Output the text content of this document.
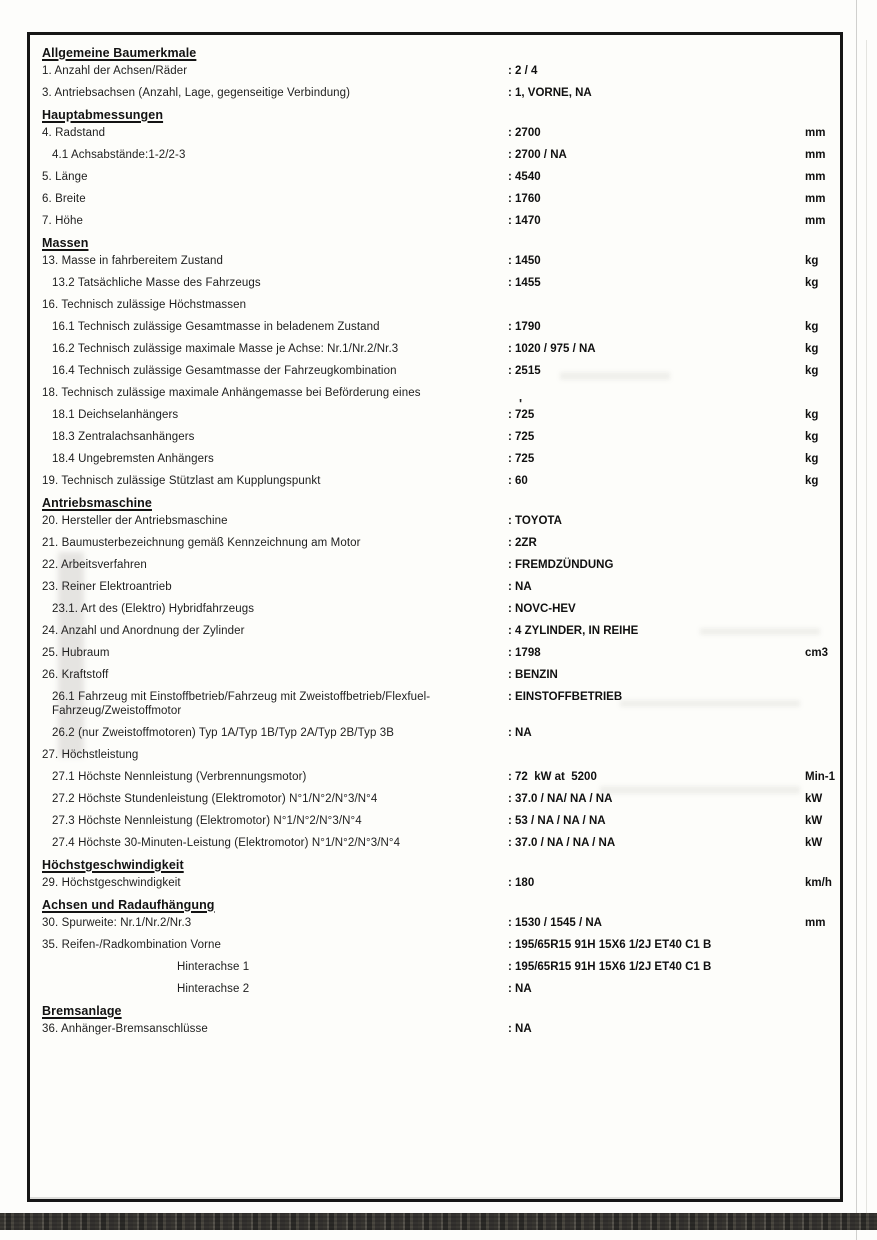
Allgemeine Baumerkmale
1. Anzahl der Achsen/Räder	: 2 / 4
3. Antriebsachsen (Anzahl, Lage, gegenseitige Verbindung)	: 1, VORNE, NA
Hauptabmessungen
4. Radstand	: 2700	mm
4.1 Achsabstände:1-2/2-3	: 2700 / NA	mm
5. Länge	: 4540	mm
6. Breite	: 1760	mm
7. Höhe	: 1470	mm
Massen
13. Masse in fahrbereitem Zustand	: 1450	kg
13.2 Tatsächliche Masse des Fahrzeugs	: 1455	kg
16. Technisch zulässige Höchstmassen
16.1 Technisch zulässige Gesamtmasse in beladenem Zustand	: 1790	kg
16.2 Technisch zulässige maximale Masse je Achse: Nr.1/Nr.2/Nr.3	: 1020 / 975 / NA	kg
16.4 Technisch zulässige Gesamtmasse der Fahrzeugkombination	: 2515	kg
18. Technisch zulässige maximale Anhängemasse bei Beförderung eines
18.1 Deichselanhängers	: 725	kg
18.3 Zentralachsanhängers	: 725	kg
18.4 Ungebremsten Anhängers	: 725	kg
19. Technisch zulässige Stützlast am Kupplungspunkt	: 60	kg
Antriebsmaschine
20. Hersteller der Antriebsmaschine	: TOYOTA
21. Baumusterbezeichnung gemäß Kennzeichnung am Motor	: 2ZR
22. Arbeitsverfahren	: FREMDZÜNDUNG
23. Reiner Elektroantrieb	: NA
23.1. Art des (Elektro) Hybridfahrzeugs	: NOVC-HEV
24. Anzahl und Anordnung der Zylinder	: 4 ZYLINDER, IN REIHE
25. Hubraum	: 1798	cm3
26. Kraftstoff	: BENZIN
26.1 Fahrzeug mit Einstoffbetrieb/Fahrzeug mit Zweistoffbetrieb/Flexfuel-Fahrzeug/Zweistoffmotor
: EINSTOFFBETRIEB
26.2 (nur Zweistoffmotoren) Typ 1A/Typ 1B/Typ 2A/Typ 2B/Typ 3B	: NA
27. Höchstleistung
27.1 Höchste Nennleistung (Verbrennungsmotor)	: 72  kW at  5200	Min-1
27.2 Höchste Stundenleistung (Elektromotor) N°1/N°2/N°3/N°4	: 37.0 / NA/ NA / NA	kW
27.3 Höchste Nennleistung (Elektromotor) N°1/N°2/N°3/N°4	: 53 / NA / NA / NA	kW
27.4 Höchste 30-Minuten-Leistung (Elektromotor) N°1/N°2/N°3/N°4	: 37.0 / NA / NA / NA	kW
Höchstgeschwindigkeit
29. Höchstgeschwindigkeit	: 180	km/h
Achsen und Radaufhängung
30. Spurweite: Nr.1/Nr.2/Nr.3	: 1530 / 1545 / NA	mm
35. Reifen-/Radkombination Vorne	: 195/65R15 91H 15X6 1/2J ET40 C1 B
Hinterachse 1	: 195/65R15 91H 15X6 1/2J ET40 C1 B
Hinterachse 2	: NA
Bremsanlage
36. Anhänger-Bremsanschlüsse	: NA
'
